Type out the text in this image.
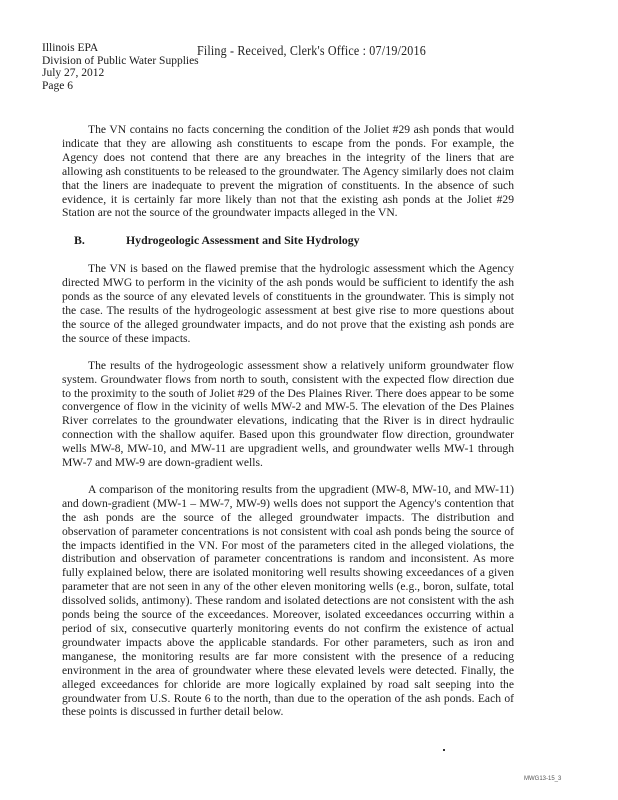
Illinois EPA
Division of Public Water Supplies
July 27, 2012
Page 6
Filing - Received, Clerk's Office : 07/19/2016

The VN contains no facts concerning the condition of the Joliet #29 ash ponds that would indicate that they are allowing ash constituents to escape from the ponds. For example, the Agency does not contend that there are any breaches in the integrity of the liners that are allowing ash constituents to be released to the groundwater. The Agency similarly does not claim that the liners are inadequate to prevent the migration of constituents. In the absence of such evidence, it is certainly far more likely than not that the existing ash ponds at the Joliet #29 Station are not the source of the groundwater impacts alleged in the VN.

B.	Hydrogeologic Assessment and Site Hydrology

The VN is based on the flawed premise that the hydrologic assessment which the Agency directed MWG to perform in the vicinity of the ash ponds would be sufficient to identify the ash ponds as the source of any elevated levels of constituents in the groundwater. This is simply not the case. The results of the hydrogeologic assessment at best give rise to more questions about the source of the alleged groundwater impacts, and do not prove that the existing ash ponds are the source of these impacts.

The results of the hydrogeologic assessment show a relatively uniform groundwater flow system. Groundwater flows from north to south, consistent with the expected flow direction due to the proximity to the south of Joliet #29 of the Des Plaines River. There does appear to be some convergence of flow in the vicinity of wells MW-2 and MW-5. The elevation of the Des Plaines River correlates to the groundwater elevations, indicating that the River is in direct hydraulic connection with the shallow aquifer. Based upon this groundwater flow direction, groundwater wells MW-8, MW-10, and MW-11 are upgradient wells, and groundwater wells MW-1 through MW-7 and MW-9 are down-gradient wells.

A comparison of the monitoring results from the upgradient (MW-8, MW-10, and MW-11) and down-gradient (MW-1 – MW-7, MW-9) wells does not support the Agency's contention that the ash ponds are the source of the alleged groundwater impacts. The distribution and observation of parameter concentrations is not consistent with coal ash ponds being the source of the impacts identified in the VN. For most of the parameters cited in the alleged violations, the distribution and observation of parameter concentrations is random and inconsistent. As more fully explained below, there are isolated monitoring well results showing exceedances of a given parameter that are not seen in any of the other eleven monitoring wells (e.g., boron, sulfate, total dissolved solids, antimony). These random and isolated detections are not consistent with the ash ponds being the source of the exceedances. Moreover, isolated exceedances occurring within a period of six, consecutive quarterly monitoring events do not confirm the existence of actual groundwater impacts above the applicable standards. For other parameters, such as iron and manganese, the monitoring results are far more consistent with the presence of a reducing environment in the area of groundwater where these elevated levels were detected. Finally, the alleged exceedances for chloride are more logically explained by road salt seeping into the groundwater from U.S. Route 6 to the north, than due to the operation of the ash ponds. Each of these points is discussed in further detail below.

MWG13-15_3
